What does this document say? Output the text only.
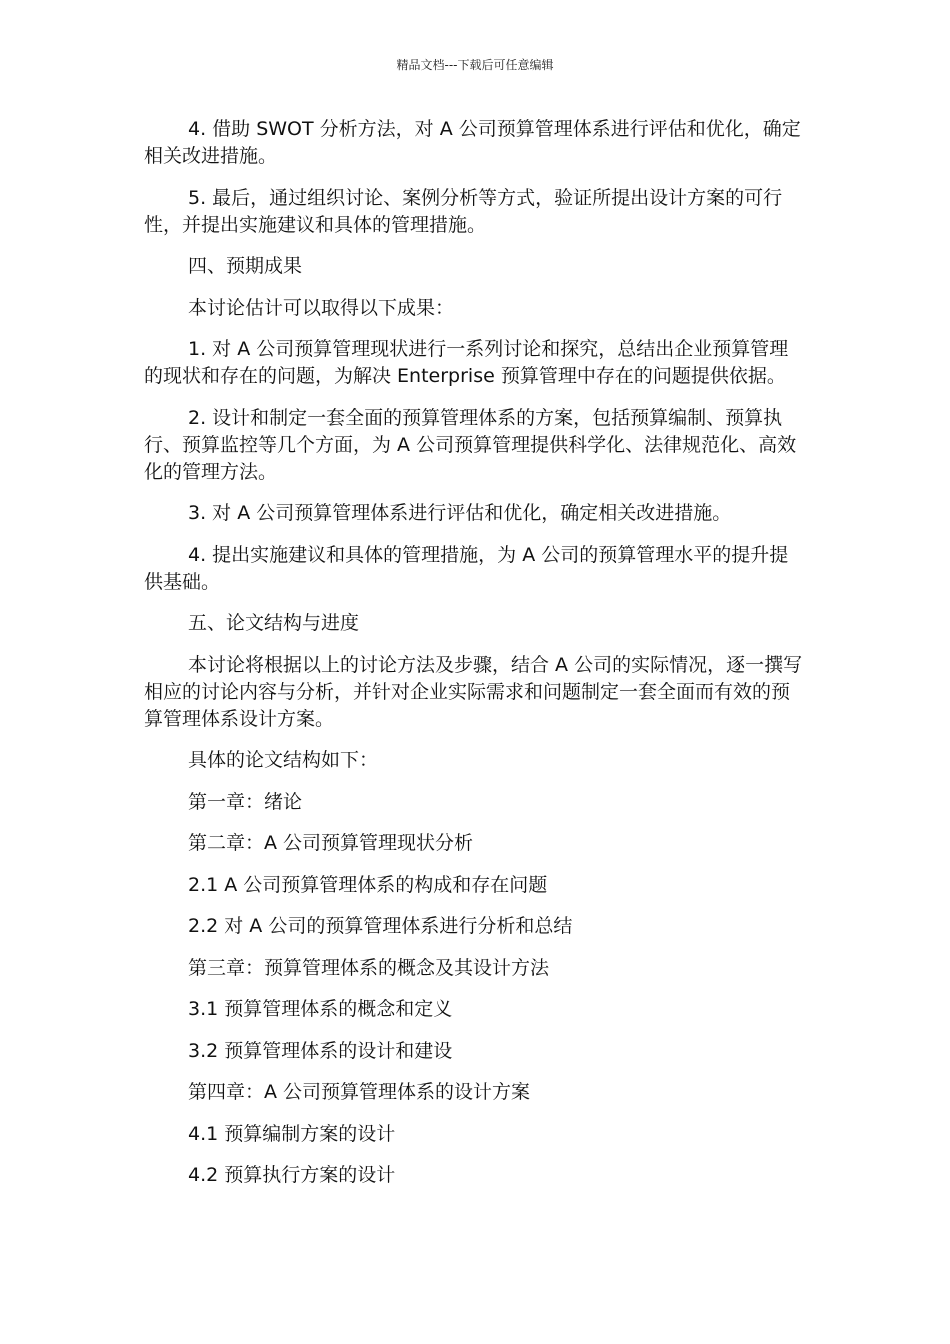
精品文档---下载后可任意编辑

4. 借助 SWOT 分析方法，对 A 公司预算管理体系进行评估和优化，确定相关改进措施。

5. 最后，通过组织讨论、案例分析等方式，验证所提出设计方案的可行性，并提出实施建议和具体的管理措施。

四、预期成果

本讨论估计可以取得以下成果：

1. 对 A 公司预算管理现状进行一系列讨论和探究，总结出企业预算管理的现状和存在的问题，为解决 Enterprise 预算管理中存在的问题提供依据。

2. 设计和制定一套全面的预算管理体系的方案，包括预算编制、预算执行、预算监控等几个方面，为 A 公司预算管理提供科学化、法律规范化、高效化的管理方法。

3. 对 A 公司预算管理体系进行评估和优化，确定相关改进措施。

4. 提出实施建议和具体的管理措施，为 A 公司的预算管理水平的提升提供基础。

五、论文结构与进度

本讨论将根据以上的讨论方法及步骤，结合 A 公司的实际情况，逐一撰写相应的讨论内容与分析，并针对企业实际需求和问题制定一套全面而有效的预算管理体系设计方案。

具体的论文结构如下：
第一章：绪论
第二章：A 公司预算管理现状分析
2.1 A 公司预算管理体系的构成和存在问题
2.2 对 A 公司的预算管理体系进行分析和总结
第三章：预算管理体系的概念及其设计方法
3.1 预算管理体系的概念和定义
3.2 预算管理体系的设计和建设
第四章：A 公司预算管理体系的设计方案
4.1 预算编制方案的设计
4.2 预算执行方案的设计
